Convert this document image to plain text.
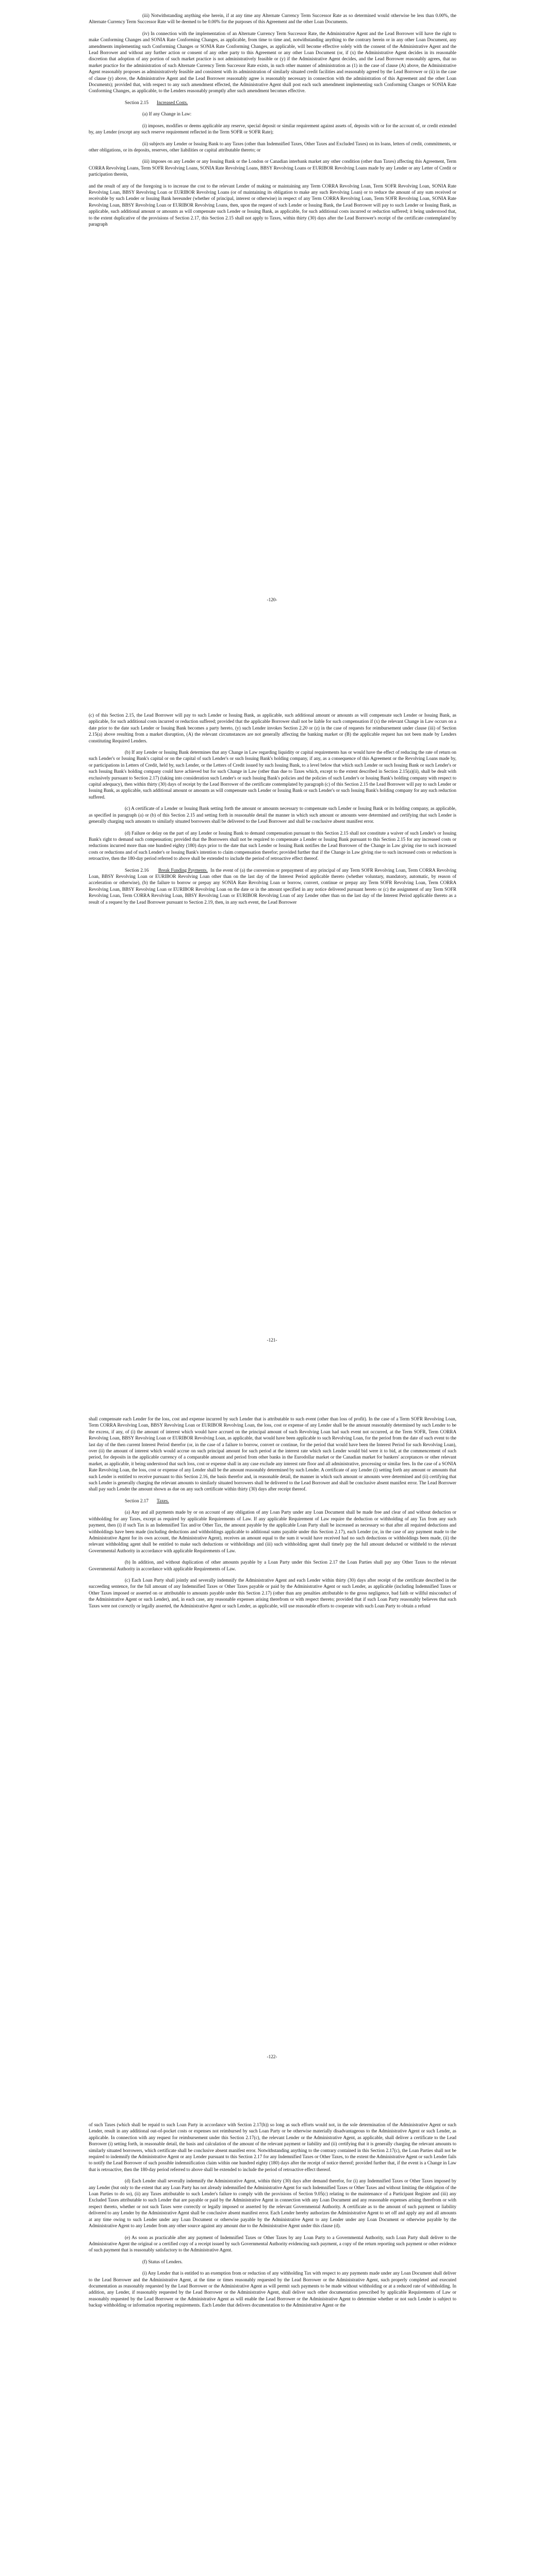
(iii) Notwithstanding anything else herein, if at any time any Alternate Currency Term Successor Rate as so determined would otherwise be less than 0.00%, the Alternate Currency Term Successor Rate will be deemed to be 0.00% for the purposes of this Agreement and the other Loan Documents.

(iv) In connection with the implementation of an Alternate Currency Term Successor Rate, the Administrative Agent and the Lead Borrower will have the right to make Conforming Changes and SONIA Rate Conforming Changes, as applicable, from time to time and, notwithstanding anything to the contrary herein or in any other Loan Document, any amendments implementing such Conforming Changes or SONIA Rate Conforming Changes, as applicable, will become effective solely with the consent of the Administrative Agent and the Lead Borrower and without any further action or consent of any other party to this Agreement or any other Loan Document (or, if (x) the Administrative Agent decides in its reasonable discretion that adoption of any portion of such market practice is not administratively feasible or (y) if the Administrative Agent decides, and the Lead Borrower reasonably agrees, that no market practice for the administration of such Alternate Currency Term Successor Rate exists, in such other manner of administration as (1) in the case of clause (A) above, the Administrative Agent reasonably proposes as administratively feasible and consistent with its administration of similarly situated credit facilities and reasonably agreed by the Lead Borrower or (ii) in the case of clause (y) above, the Administrative Agent and the Lead Borrower reasonably agree is reasonably necessary in connection with the administration of this Agreement and the other Loan Documents); provided that, with respect to any such amendment effected, the Administrative Agent shall post each such amendment implementing such Conforming Changes or SONIA Rate Conforming Changes, as applicable, to the Lenders reasonably promptly after such amendment becomes effective.

Section 2.15 Increased Costs.

(a) If any Change in Law:

(i) imposes, modifies or deems applicable any reserve, special deposit or similar requirement against assets of, deposits with or for the account of, or credit extended by, any Lender (except any such reserve requirement reflected in the Term SOFR or SOFR Rate);

(ii) subjects any Lender or Issuing Bank to any Taxes (other than Indemnified Taxes, Other Taxes and Excluded Taxes) on its loans, letters of credit, commitments, or other obligations, or its deposits, reserves, other liabilities or capital attributable thereto; or

(iii) imposes on any Lender or any Issuing Bank or the London or Canadian interbank market any other condition (other than Taxes) affecting this Agreement, Term CORRA Revolving Loans, Term SOFR Revolving Loans, SONIA Rate Revolving Loans, BBSY Revolving Loans or EURIBOR Revolving Loans made by any Lender or any Letter of Credit or participation therein,

and the result of any of the foregoing is to increase the cost to the relevant Lender of making or maintaining any Term CORRA Revolving Loan, Term SOFR Revolving Loan, SONIA Rate Revolving Loan, BBSY Revolving Loan or EURIBOR Revolving Loans (or of maintaining its obligation to make any such Revolving Loan) or to reduce the amount of any sum received or receivable by such Lender or Issuing Bank hereunder (whether of principal, interest or otherwise) in respect of any Term CORRA Revolving Loan, Term SOFR Revolving Loan, SONIA Rate Revolving Loan, BBSY Revolving Loan or EURIBOR Revolving Loans, then, upon the request of such Lender or Issuing Bank, the Lead Borrower will pay to such Lender or Issuing Bank, as applicable, such additional amount or amounts as will compensate such Lender or Issuing Bank, as applicable, for such additional costs incurred or reduction suffered; it being understood that, to the extent duplicative of the provisions of Section 2.17, this Section 2.15 shall not apply to Taxes, within thirty (30) days after the Lead Borrower's receipt of the certificate contemplated by paragraph

-120-

(c) of this Section 2.15, the Lead Borrower will pay to such Lender or Issuing Bank, as applicable, such additional amount or amounts as will compensate such Lender or Issuing Bank, as applicable, for such additional costs incurred or reduction suffered; provided that the applicable Borrower shall not be liable for such compensation if (x) the relevant Change in Law occurs on a date prior to the date such Lender or Issuing Bank becomes a party hereto, (y) such Lender invokes Section 2.20 or (z) in the case of requests for reimbursement under clause (iii) of Section 2.15(a) above resulting from a market disruption, (A) the relevant circumstances are not generally affecting the banking market or (B) the applicable request has not been made by Lenders constituting Required Lenders.

(b) If any Lender or Issuing Bank determines that any Change in Law regarding liquidity or capital requirements has or would have the effect of reducing the rate of return on such Lender's or Issuing Bank's capital or on the capital of such Lender's or such Issuing Bank's holding company, if any, as a consequence of this Agreement or the Revolving Loans made by, or participations in Letters of Credit, held by, such Lender, or the Letters of Credit issued by such Issuing Bank, to a level below that which such Lender or such Issuing Bank or such Lender's or such Issuing Bank's holding company could have achieved but for such Change in Law (other than due to Taxes which, except to the extent described in Section 2.15(a)(ii), shall be dealt with exclusively pursuant to Section 2.17) (taking into consideration such Lender's or such Issuing Bank's policies and the policies of such Lender's or Issuing Bank's holding company with respect to capital adequacy), then within thirty (30) days of receipt by the Lead Borrower of the certificate contemplated by paragraph (c) of this Section 2.15 the Lead Borrower will pay to such Lender or Issuing Bank, as applicable, such additional amount or amounts as will compensate such Lender or Issuing Bank or such Lender's or such Issuing Bank's holding company for any such reduction suffered.

(c) A certificate of a Lender or Issuing Bank setting forth the amount or amounts necessary to compensate such Lender or Issuing Bank or its holding company, as applicable, as specified in paragraph (a) or (b) of this Section 2.15 and setting forth in reasonable detail the manner in which such amount or amounts were determined and certifying that such Lender is generally charging such amounts to similarly situated borrowers shall be delivered to the Lead Borrower and shall be conclusive absent manifest error.

(d) Failure or delay on the part of any Lender or Issuing Bank to demand compensation pursuant to this Section 2.15 shall not constitute a waiver of such Lender's or Issuing Bank's right to demand such compensation; provided that the Borrowers shall not be required to compensate a Lender or Issuing Bank pursuant to this Section 2.15 for any increased costs or reductions incurred more than one hundred eighty (180) days prior to the date that such Lender or Issuing Bank notifies the Lead Borrower of the Change in Law giving rise to such increased costs or reductions and of such Lender's or Issuing Bank's intention to claim compensation therefor; provided further that if the Change in Law giving rise to such increased costs or reductions is retroactive, then the 180-day period referred to above shall be extended to include the period of retroactive effect thereof.

Section 2.16 Break Funding Payments. In the event of (a) the conversion or prepayment of any principal of any Term SOFR Revolving Loan, Term CORRA Revolving Loan, BBSY Revolving Loan or EURIBOR Revolving Loan other than on the last day of the Interest Period applicable thereto (whether voluntary, mandatory, automatic, by reason of acceleration or otherwise), (b) the failure to borrow or prepay any SONIA Rate Revolving Loan or borrow, convert, continue or prepay any Term SOFR Revolving Loan, Term CORRA Revolving Loan, BBSY Revolving Loan or EURIBOR Revolving Loan on the date or in the amount specified in any notice delivered pursuant hereto or (c) the assignment of any Term SOFR Revolving Loan, Term CORRA Revolving Loan, BBSY Revolving Loan or EURIBOR Revolving Loan of any Lender other than on the last day of the Interest Period applicable thereto as a result of a request by the Lead Borrower pursuant to Section 2.19, then, in any such event, the Lead Borrower

-121-

shall compensate each Lender for the loss, cost and expense incurred by such Lender that is attributable to such event (other than loss of profit). In the case of a Term SOFR Revolving Loan, Term CORRA Revolving Loan, BBSY Revolving Loan or EURIBOR Revolving Loan, the loss, cost or expense of any Lender shall be the amount reasonably determined by such Lender to be the excess, if any, of (i) the amount of interest which would have accrued on the principal amount of such Revolving Loan had such event not occurred, at the Term SOFR, Term CORRA Revolving Loan, BBSY Revolving Loan or EURIBOR Revolving Loan, as applicable, that would have been applicable to such Revolving Loan, for the period from the date of such event to the last day of the then current Interest Period therefor (or, in the case of a failure to borrow, convert or continue, for the period that would have been the Interest Period for such Revolving Loan), over (ii) the amount of interest which would accrue on such principal amount for such period at the interest rate which such Lender would bid were it to bid, at the commencement of such period, for deposits in the applicable currency of a comparable amount and period from other banks in the Eurodollar market or the Canadian market for bankers' acceptances or other relevant market, as applicable, it being understood that such loss, cost or expense shall in any case exclude any interest rate floor and all administrative, processing or similar fees. In the case of a SONIA Rate Revolving Loan, the loss, cost or expense of any Lender shall be the amount reasonably determined by such Lender. A certificate of any Lender (i) setting forth any amount or amounts that such Lender is entitled to receive pursuant to this Section 2.16, the basis therefor and, in reasonable detail, the manner in which such amount or amounts were determined and (ii) certifying that such Lender is generally charging the relevant amounts to similarly situated borrowers shall be delivered to the Lead Borrower and shall be conclusive absent manifest error. The Lead Borrower shall pay such Lender the amount shown as due on any such certificate within thirty (30) days after receipt thereof.

Section 2.17 Taxes.

(a) Any and all payments made by or on account of any obligation of any Loan Party under any Loan Document shall be made free and clear of and without deduction or withholding for any Taxes, except as required by applicable Requirements of Law. If any applicable Requirement of Law require the deduction or withholding of any Tax from any such payment, then (i) if such Tax is an Indemnified Tax and/or Other Tax, the amount payable by the applicable Loan Party shall be increased as necessary so that after all required deductions and withholdings have been made (including deductions and withholdings applicable to additional sums payable under this Section 2.17), each Lender (or, in the case of any payment made to the Administrative Agent for its own account, the Administrative Agent), receives an amount equal to the sum it would have received had no such deductions or withholdings been made, (ii) the relevant withholding agent shall be entitled to make such deductions or withholdings and (iii) such withholding agent shall timely pay the full amount deducted or withheld to the relevant Governmental Authority in accordance with applicable Requirements of Law.

(b) In addition, and without duplication of other amounts payable by a Loan Party under this Section 2.17 the Loan Parties shall pay any Other Taxes to the relevant Governmental Authority in accordance with applicable Requirements of Law.

(c) Each Loan Party shall jointly and severally indemnify the Administrative Agent and each Lender within thirty (30) days after receipt of the certificate described in the succeeding sentence, for the full amount of any Indemnified Taxes or Other Taxes payable or paid by the Administrative Agent or such Lender, as applicable (including Indemnified Taxes or Other Taxes imposed or asserted on or attributable to amounts payable under this Section 2.17) (other than any penalties attributable to the gross negligence, bad faith or willful misconduct of the Administrative Agent or such Lender), and, in each case, any reasonable expenses arising therefrom or with respect thereto; provided that if such Loan Party reasonably believes that such Taxes were not correctly or legally asserted, the Administrative Agent or such Lender, as applicable, will use reasonable efforts to cooperate with such Loan Party to obtain a refund

-122-

of such Taxes (which shall be repaid to such Loan Party in accordance with Section 2.17(h)) so long as such efforts would not, in the sole determination of the Administrative Agent or such Lender, result in any additional out-of-pocket costs or expenses not reimbursed by such Loan Party or be otherwise materially disadvantageous to the Administrative Agent or such Lender, as applicable. In connection with any request for reimbursement under this Section 2.17(c), the relevant Lender or the Administrative Agent, as applicable, shall deliver a certificate to the Lead Borrower (i) setting forth, in reasonable detail, the basis and calculation of the amount of the relevant payment or liability and (ii) certifying that it is generally charging the relevant amounts to similarly situated borrowers, which certificate shall be conclusive absent manifest error. Notwithstanding anything to the contrary contained in this Section 2.17(c), the Loan Parties shall not be required to indemnify the Administrative Agent or any Lender pursuant to this Section 2.17 for any Indemnified Taxes or Other Taxes, to the extent the Administrative Agent or such Lender fails to notify the Lead Borrower of such possible indemnification claim within one hundred eighty (180) days after the receipt of notice thereof; provided further that, if the event is a Change in Law that is retroactive, then the 180-day period referred to above shall be extended to include the period of retroactive effect thereof.

(d) Each Lender shall severally indemnify the Administrative Agent, within thirty (30) days after demand therefor, for (i) any Indemnified Taxes or Other Taxes imposed by any Lender (but only to the extent that any Loan Party has not already indemnified the Administrative Agent for such Indemnified Taxes or Other Taxes and without limiting the obligation of the Loan Parties to do so), (ii) any Taxes attributable to such Lender's failure to comply with the provisions of Section 9.05(c) relating to the maintenance of a Participant Register and (iii) any Excluded Taxes attributable to such Lender that are payable or paid by the Administrative Agent in connection with any Loan Document and any reasonable expenses arising therefrom or with respect thereto, whether or not such Taxes were correctly or legally imposed or asserted by the relevant Governmental Authority. A certificate as to the amount of such payment or liability delivered to any Lender by the Administrative Agent shall be conclusive absent manifest error. Each Lender hereby authorizes the Administrative Agent to set off and apply any and all amounts at any time owing to such Lender under any Loan Document or otherwise payable by the Administrative Agent to any Lender under any Loan Document or otherwise payable by the Administrative Agent to any Lender from any other source against any amount due to the Administrative Agent under this clause (d).

(e) As soon as practicable after any payment of Indemnified Taxes or Other Taxes by any Loan Party to a Governmental Authority, such Loan Party shall deliver to the Administrative Agent the original or a certified copy of a receipt issued by such Governmental Authority evidencing such payment, a copy of the return reporting such payment or other evidence of such payment that is reasonably satisfactory to the Administrative Agent.

(f) Status of Lenders.

(i) Any Lender that is entitled to an exemption from or reduction of any withholding Tax with respect to any payments made under any Loan Document shall deliver to the Lead Borrower and the Administrative Agent, at the time or times reasonably requested by the Lead Borrower or the Administrative Agent, such properly completed and executed documentation as reasonably requested by the Lead Borrower or the Administrative Agent as will permit such payments to be made without withholding or at a reduced rate of withholding. In addition, any Lender, if reasonably requested by the Lead Borrower or the Administrative Agent, shall deliver such other documentation prescribed by applicable Requirements of Law or reasonably requested by the Lead Borrower or the Administrative Agent as will enable the Lead Borrower or the Administrative Agent to determine whether or not such Lender is subject to backup withholding or information reporting requirements. Each Lender that delivers documentation to the Administrative Agent or the
